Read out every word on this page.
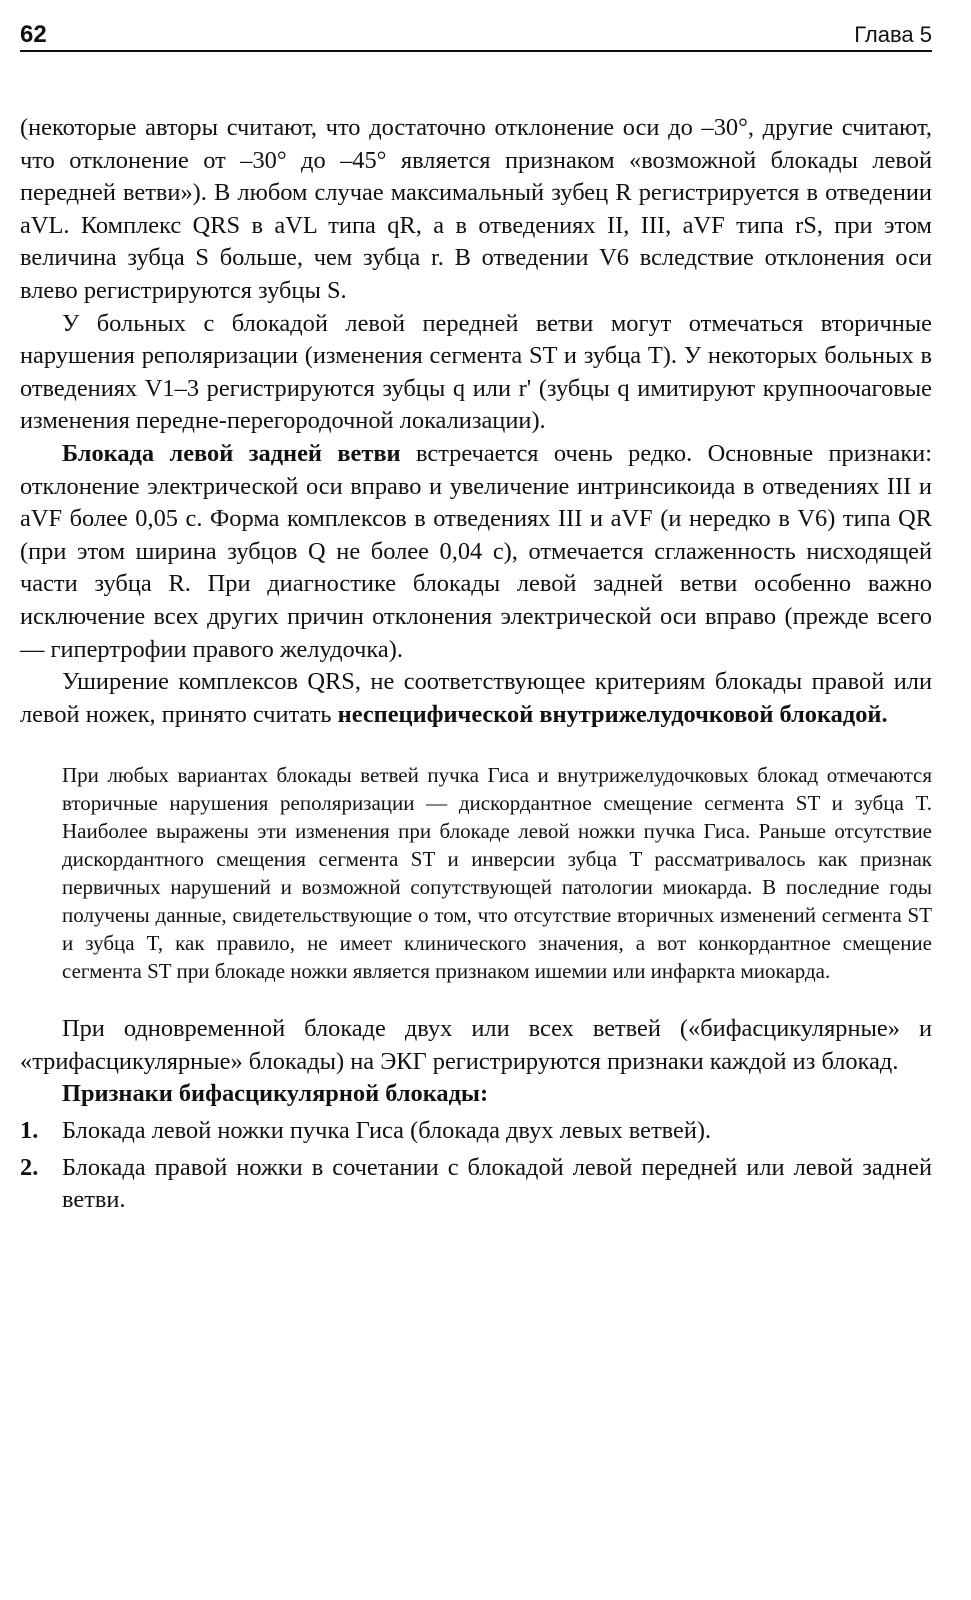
62	Глава 5

(некоторые авторы считают, что достаточно отклонение оси до –30°, другие считают, что отклонение от –30° до –45° является признаком «возможной блокады левой передней ветви»). В любом случае максимальный зубец R регистрируется в отведении aVL. Комплекс QRS в aVL типа qR, а в отведениях II, III, aVF типа rS, при этом величина зубца S больше, чем зубца r. В отведении V6 вследствие отклонения оси влево регистрируются зубцы S.

У больных с блокадой левой передней ветви могут отмечаться вторичные нарушения реполяризации (изменения сегмента ST и зубца T). У некоторых больных в отведениях V1–3 регистрируются зубцы q или r' (зубцы q имитируют крупноочаговые изменения передне-перегородочной локализации).

Блокада левой задней ветви встречается очень редко. Основные признаки: отклонение электрической оси вправо и увеличение интринсикоида в отведениях III и aVF более 0,05 с. Форма комплексов в отведениях III и aVF (и нередко в V6) типа QR (при этом ширина зубцов Q не более 0,04 с), отмечается сглаженность нисходящей части зубца R. При диагностике блокады левой задней ветви особенно важно исключение всех других причин отклонения электрической оси вправо (прежде всего — гипертрофии правого желудочка).

Уширение комплексов QRS, не соответствующее критериям блокады правой или левой ножек, принято считать неспецифической внутрижелудочковой блокадой.

При любых вариантах блокады ветвей пучка Гиса и внутрижелудочковых блокад отмечаются вторичные нарушения реполяризации — дискордантное смещение сегмента ST и зубца T. Наиболее выражены эти изменения при блокаде левой ножки пучка Гиса. Раньше отсутствие дискордантного смещения сегмента ST и инверсии зубца T рассматривалось как признак первичных нарушений и возможной сопутствующей патологии миокарда. В последние годы получены данные, свидетельствующие о том, что отсутствие вторичных изменений сегмента ST и зубца T, как правило, не имеет клинического значения, а вот конкордантное смещение сегмента ST при блокаде ножки является признаком ишемии или инфаркта миокарда.

При одновременной блокаде двух или всех ветвей («бифасцикулярные» и «трифасцикулярные» блокады) на ЭКГ регистрируются признаки каждой из блокад.

Признаки бифасцикулярной блокады:
1. Блокада левой ножки пучка Гиса (блокада двух левых ветвей).
2. Блокада правой ножки в сочетании с блокадой левой передней или левой задней ветви.
